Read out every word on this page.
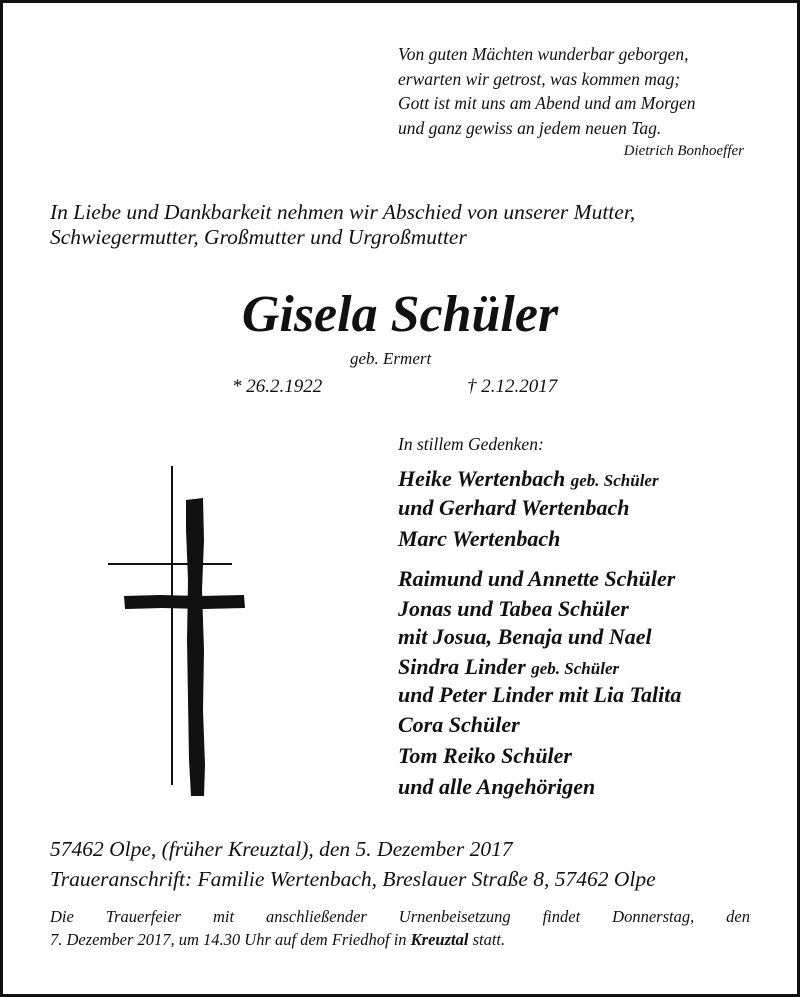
Von guten Mächten wunderbar geborgen,
erwarten wir getrost, was kommen mag;
Gott ist mit uns am Abend und am Morgen
und ganz gewiss an jedem neuen Tag.
Dietrich Bonhoeffer
In Liebe und Dankbarkeit nehmen wir Abschied von unserer Mutter,
Schwiegermutter, Großmutter und Urgroßmutter
Gisela Schüler
geb. Ermert
* 26.2.1922	† 2.12.2017
In stillem Gedenken:
Heike Wertenbach geb. Schüler
und Gerhard Wertenbach
Marc Wertenbach
Raimund und Annette Schüler
Jonas und Tabea Schüler
mit Josua, Benaja und Nael
Sindra Linder geb. Schüler
und Peter Linder mit Lia Talita
Cora Schüler
Tom Reiko Schüler
und alle Angehörigen
57462 Olpe, (früher Kreuztal), den 5. Dezember 2017
Traueranschrift: Familie Wertenbach, Breslauer Straße 8, 57462 Olpe
Die Trauerfeier mit anschließender Urnenbeisetzung findet Donnerstag, den
7. Dezember 2017, um 14.30 Uhr auf dem Friedhof in Kreuztal statt.
